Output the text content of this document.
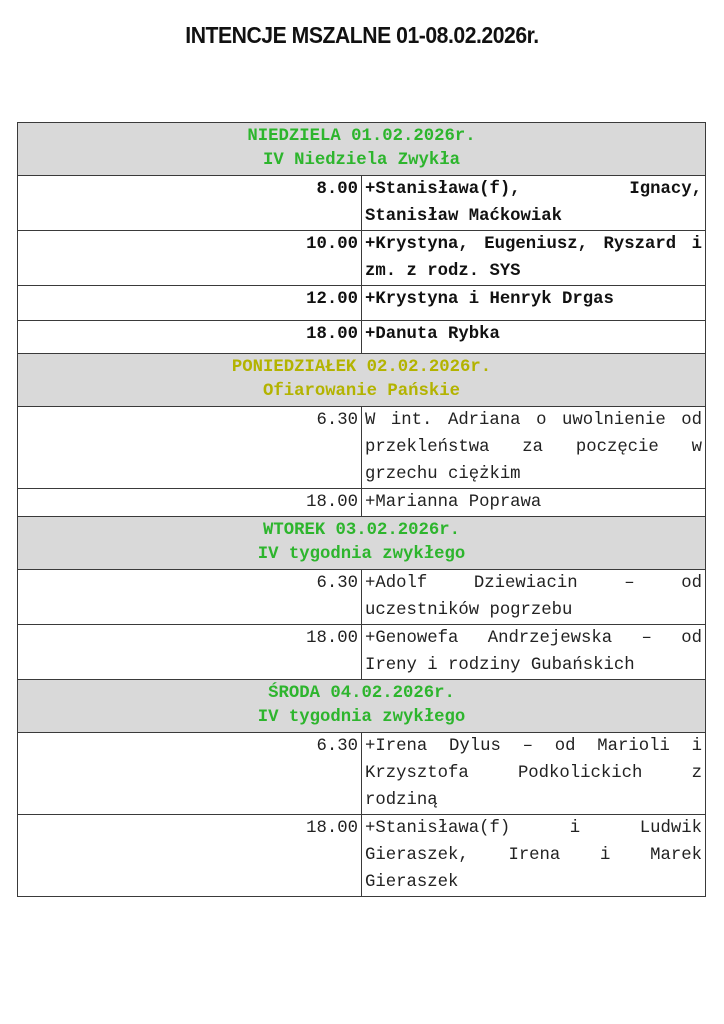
INTENCJE MSZALNE 01-08.02.2026r.
NIEDZIELA 01.02.2026r.
IV Niedziela Zwykła	

8.00	+Stanisława(f), Ignacy, Stanisław Maćkowiak
10.00	+Krystyna, Eugeniusz, Ryszard i zm. z rodz. SYS
12.00	+Krystyna i Henryk Drgas
18.00	+Danuta Rybka

PONIEDZIAŁEK 02.02.2026r.
Ofiarowanie Pańskie	

6.30	W int. Adriana o uwolnienie od przekleństwa za poczęcie w grzechu ciężkim
18.00	+Marianna Poprawa

WTOREK 03.02.2026r.
IV tygodnia zwykłego	

6.30	+Adolf Dziewiacin – od uczestników pogrzebu
18.00	+Genowefa Andrzejewska – od Ireny i rodziny Gubańskich

ŚRODA 04.02.2026r.
IV tygodnia zwykłego	

6.30	+Irena Dylus – od Marioli i Krzysztofa Podkolickich z rodziną
18.00	+Stanisława(f) i Ludwik Gieraszek, Irena i Marek Gieraszek
